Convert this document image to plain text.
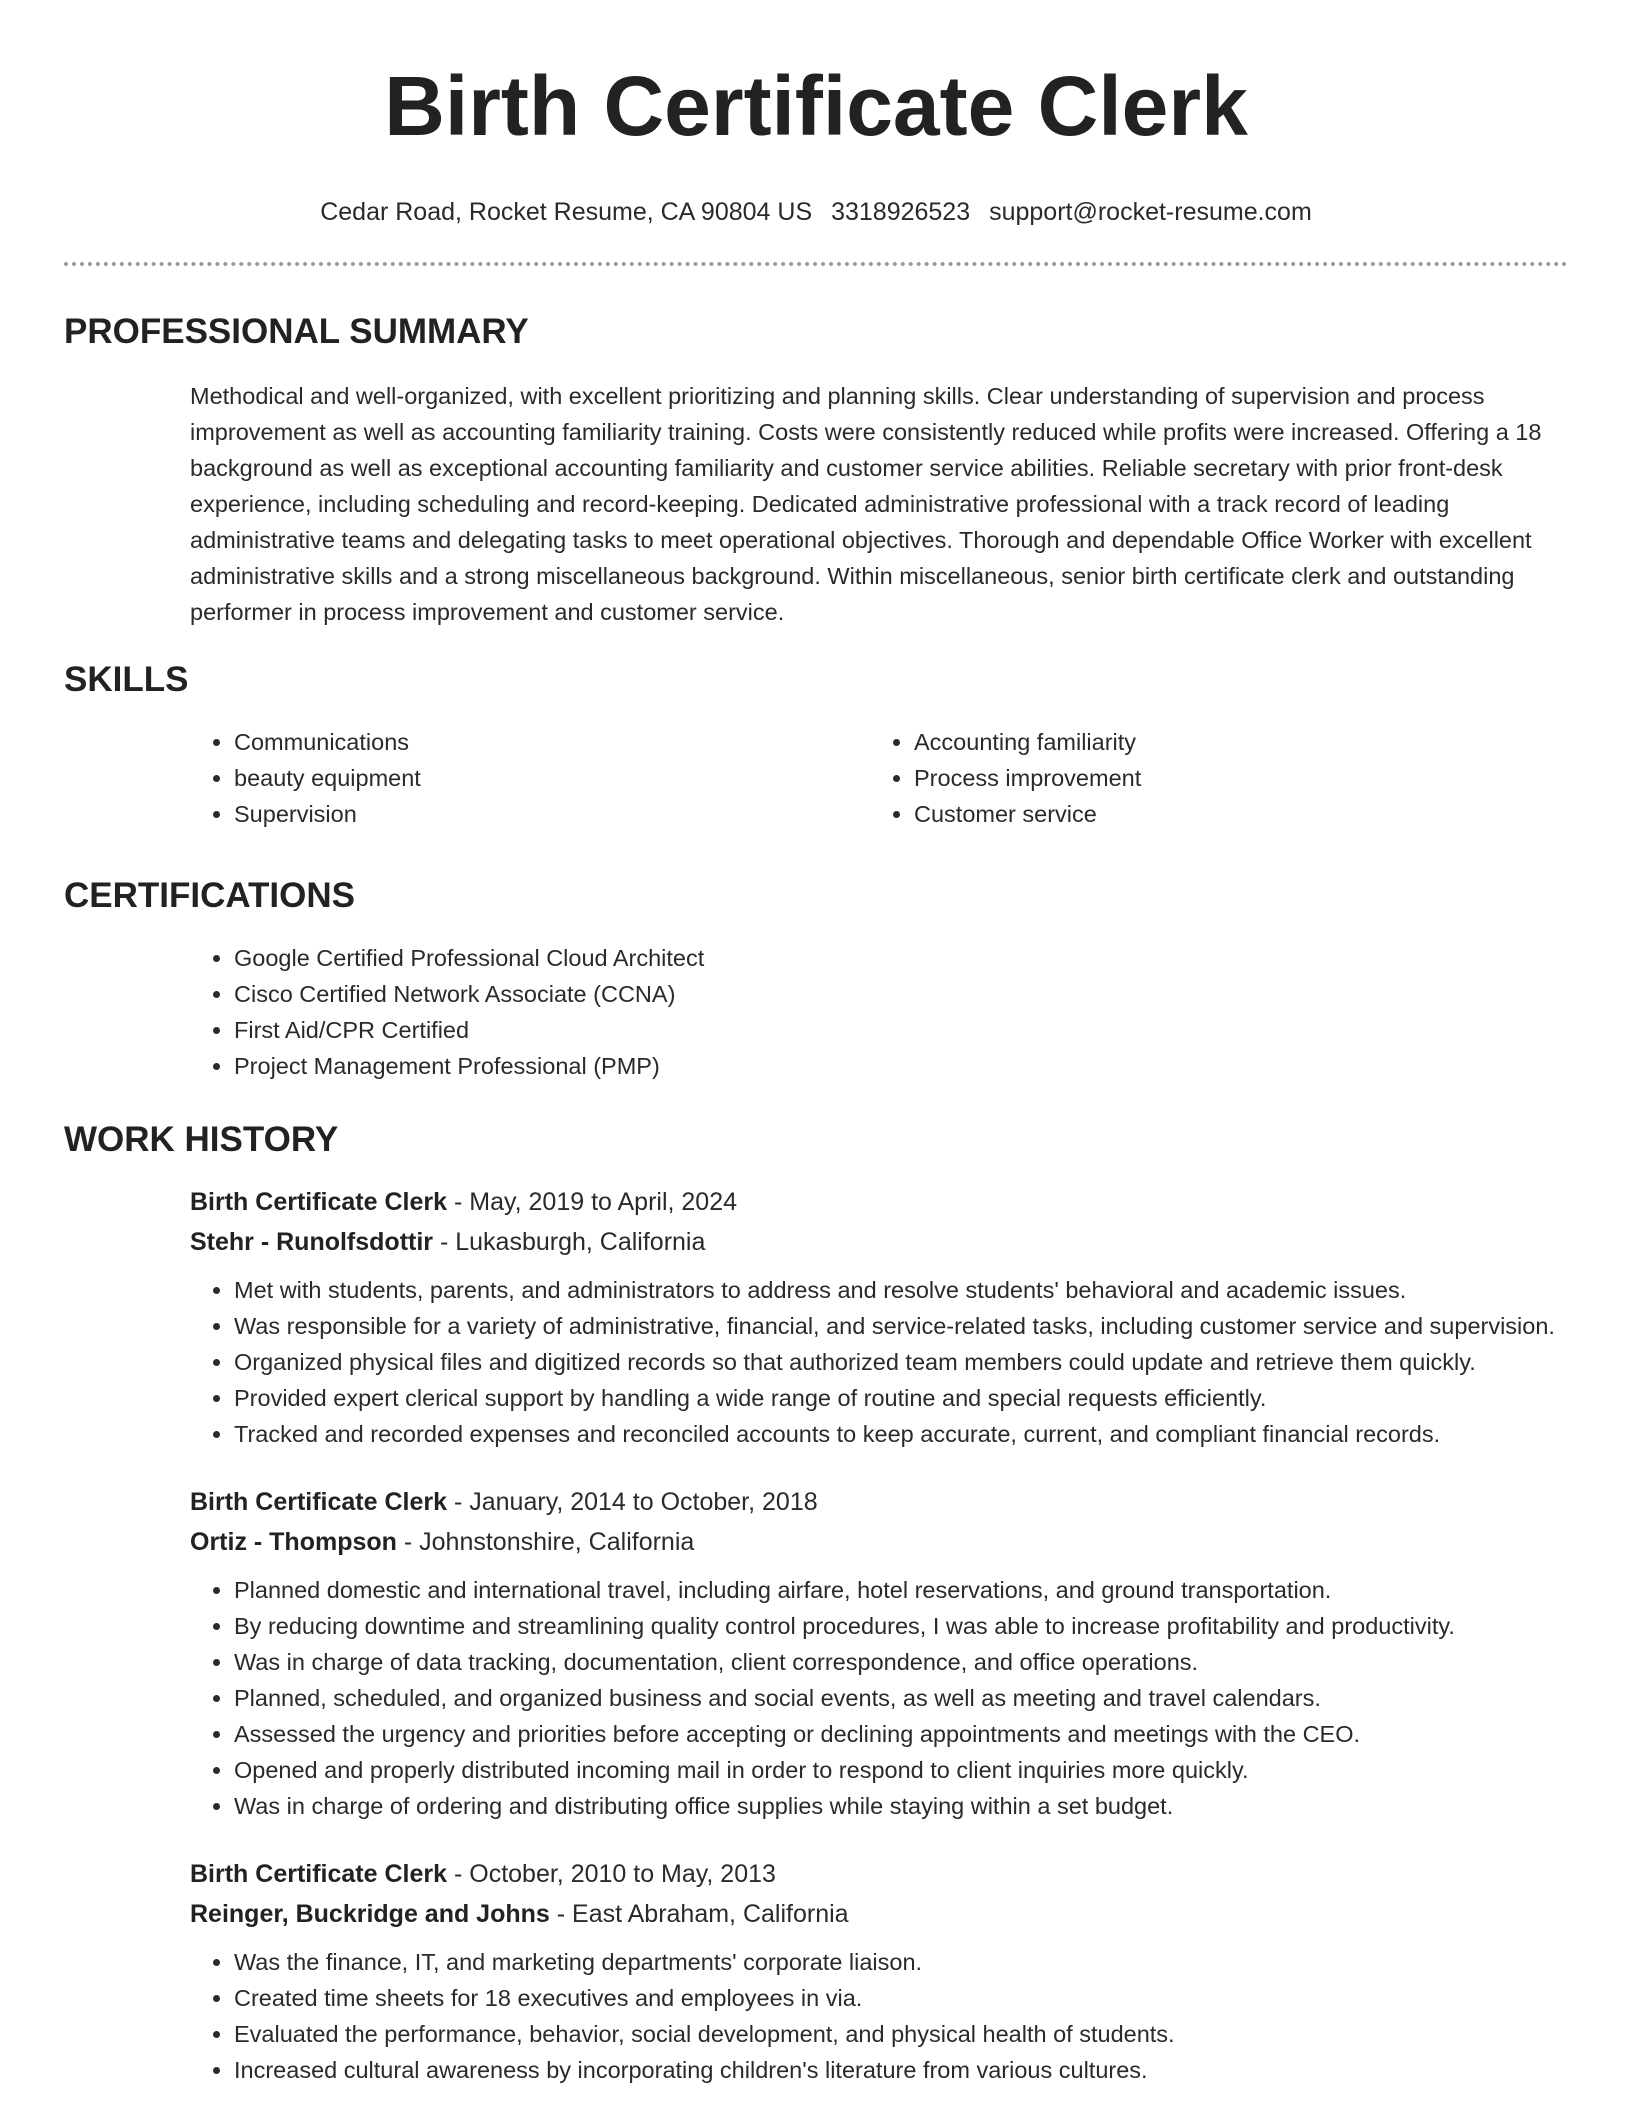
Birth Certificate Clerk
Cedar Road, Rocket Resume, CA 90804 US 3318926523 support@rocket-resume.com
PROFESSIONAL SUMMARY
Methodical and well-organized, with excellent prioritizing and planning skills. Clear understanding of supervision and process improvement as well as accounting familiarity training. Costs were consistently reduced while profits were increased. Offering a 18 background as well as exceptional accounting familiarity and customer service abilities. Reliable secretary with prior front-desk experience, including scheduling and record-keeping. Dedicated administrative professional with a track record of leading administrative teams and delegating tasks to meet operational objectives. Thorough and dependable Office Worker with excellent administrative skills and a strong miscellaneous background. Within miscellaneous, senior birth certificate clerk and outstanding performer in process improvement and customer service.
SKILLS
• Communications
• beauty equipment
• Supervision
• Accounting familiarity
• Process improvement
• Customer service
CERTIFICATIONS
• Google Certified Professional Cloud Architect
• Cisco Certified Network Associate (CCNA)
• First Aid/CPR Certified
• Project Management Professional (PMP)
WORK HISTORY
Birth Certificate Clerk - May, 2019 to April, 2024
Stehr - Runolfsdottir - Lukasburgh, California
• Met with students, parents, and administrators to address and resolve students' behavioral and academic issues.
• Was responsible for a variety of administrative, financial, and service-related tasks, including customer service and supervision.
• Organized physical files and digitized records so that authorized team members could update and retrieve them quickly.
• Provided expert clerical support by handling a wide range of routine and special requests efficiently.
• Tracked and recorded expenses and reconciled accounts to keep accurate, current, and compliant financial records.
Birth Certificate Clerk - January, 2014 to October, 2018
Ortiz - Thompson - Johnstonshire, California
• Planned domestic and international travel, including airfare, hotel reservations, and ground transportation.
• By reducing downtime and streamlining quality control procedures, I was able to increase profitability and productivity.
• Was in charge of data tracking, documentation, client correspondence, and office operations.
• Planned, scheduled, and organized business and social events, as well as meeting and travel calendars.
• Assessed the urgency and priorities before accepting or declining appointments and meetings with the CEO.
• Opened and properly distributed incoming mail in order to respond to client inquiries more quickly.
• Was in charge of ordering and distributing office supplies while staying within a set budget.
Birth Certificate Clerk - October, 2010 to May, 2013
Reinger, Buckridge and Johns - East Abraham, California
• Was the finance, IT, and marketing departments' corporate liaison.
• Created time sheets for 18 executives and employees in via.
• Evaluated the performance, behavior, social development, and physical health of students.
• Increased cultural awareness by incorporating children's literature from various cultures.
